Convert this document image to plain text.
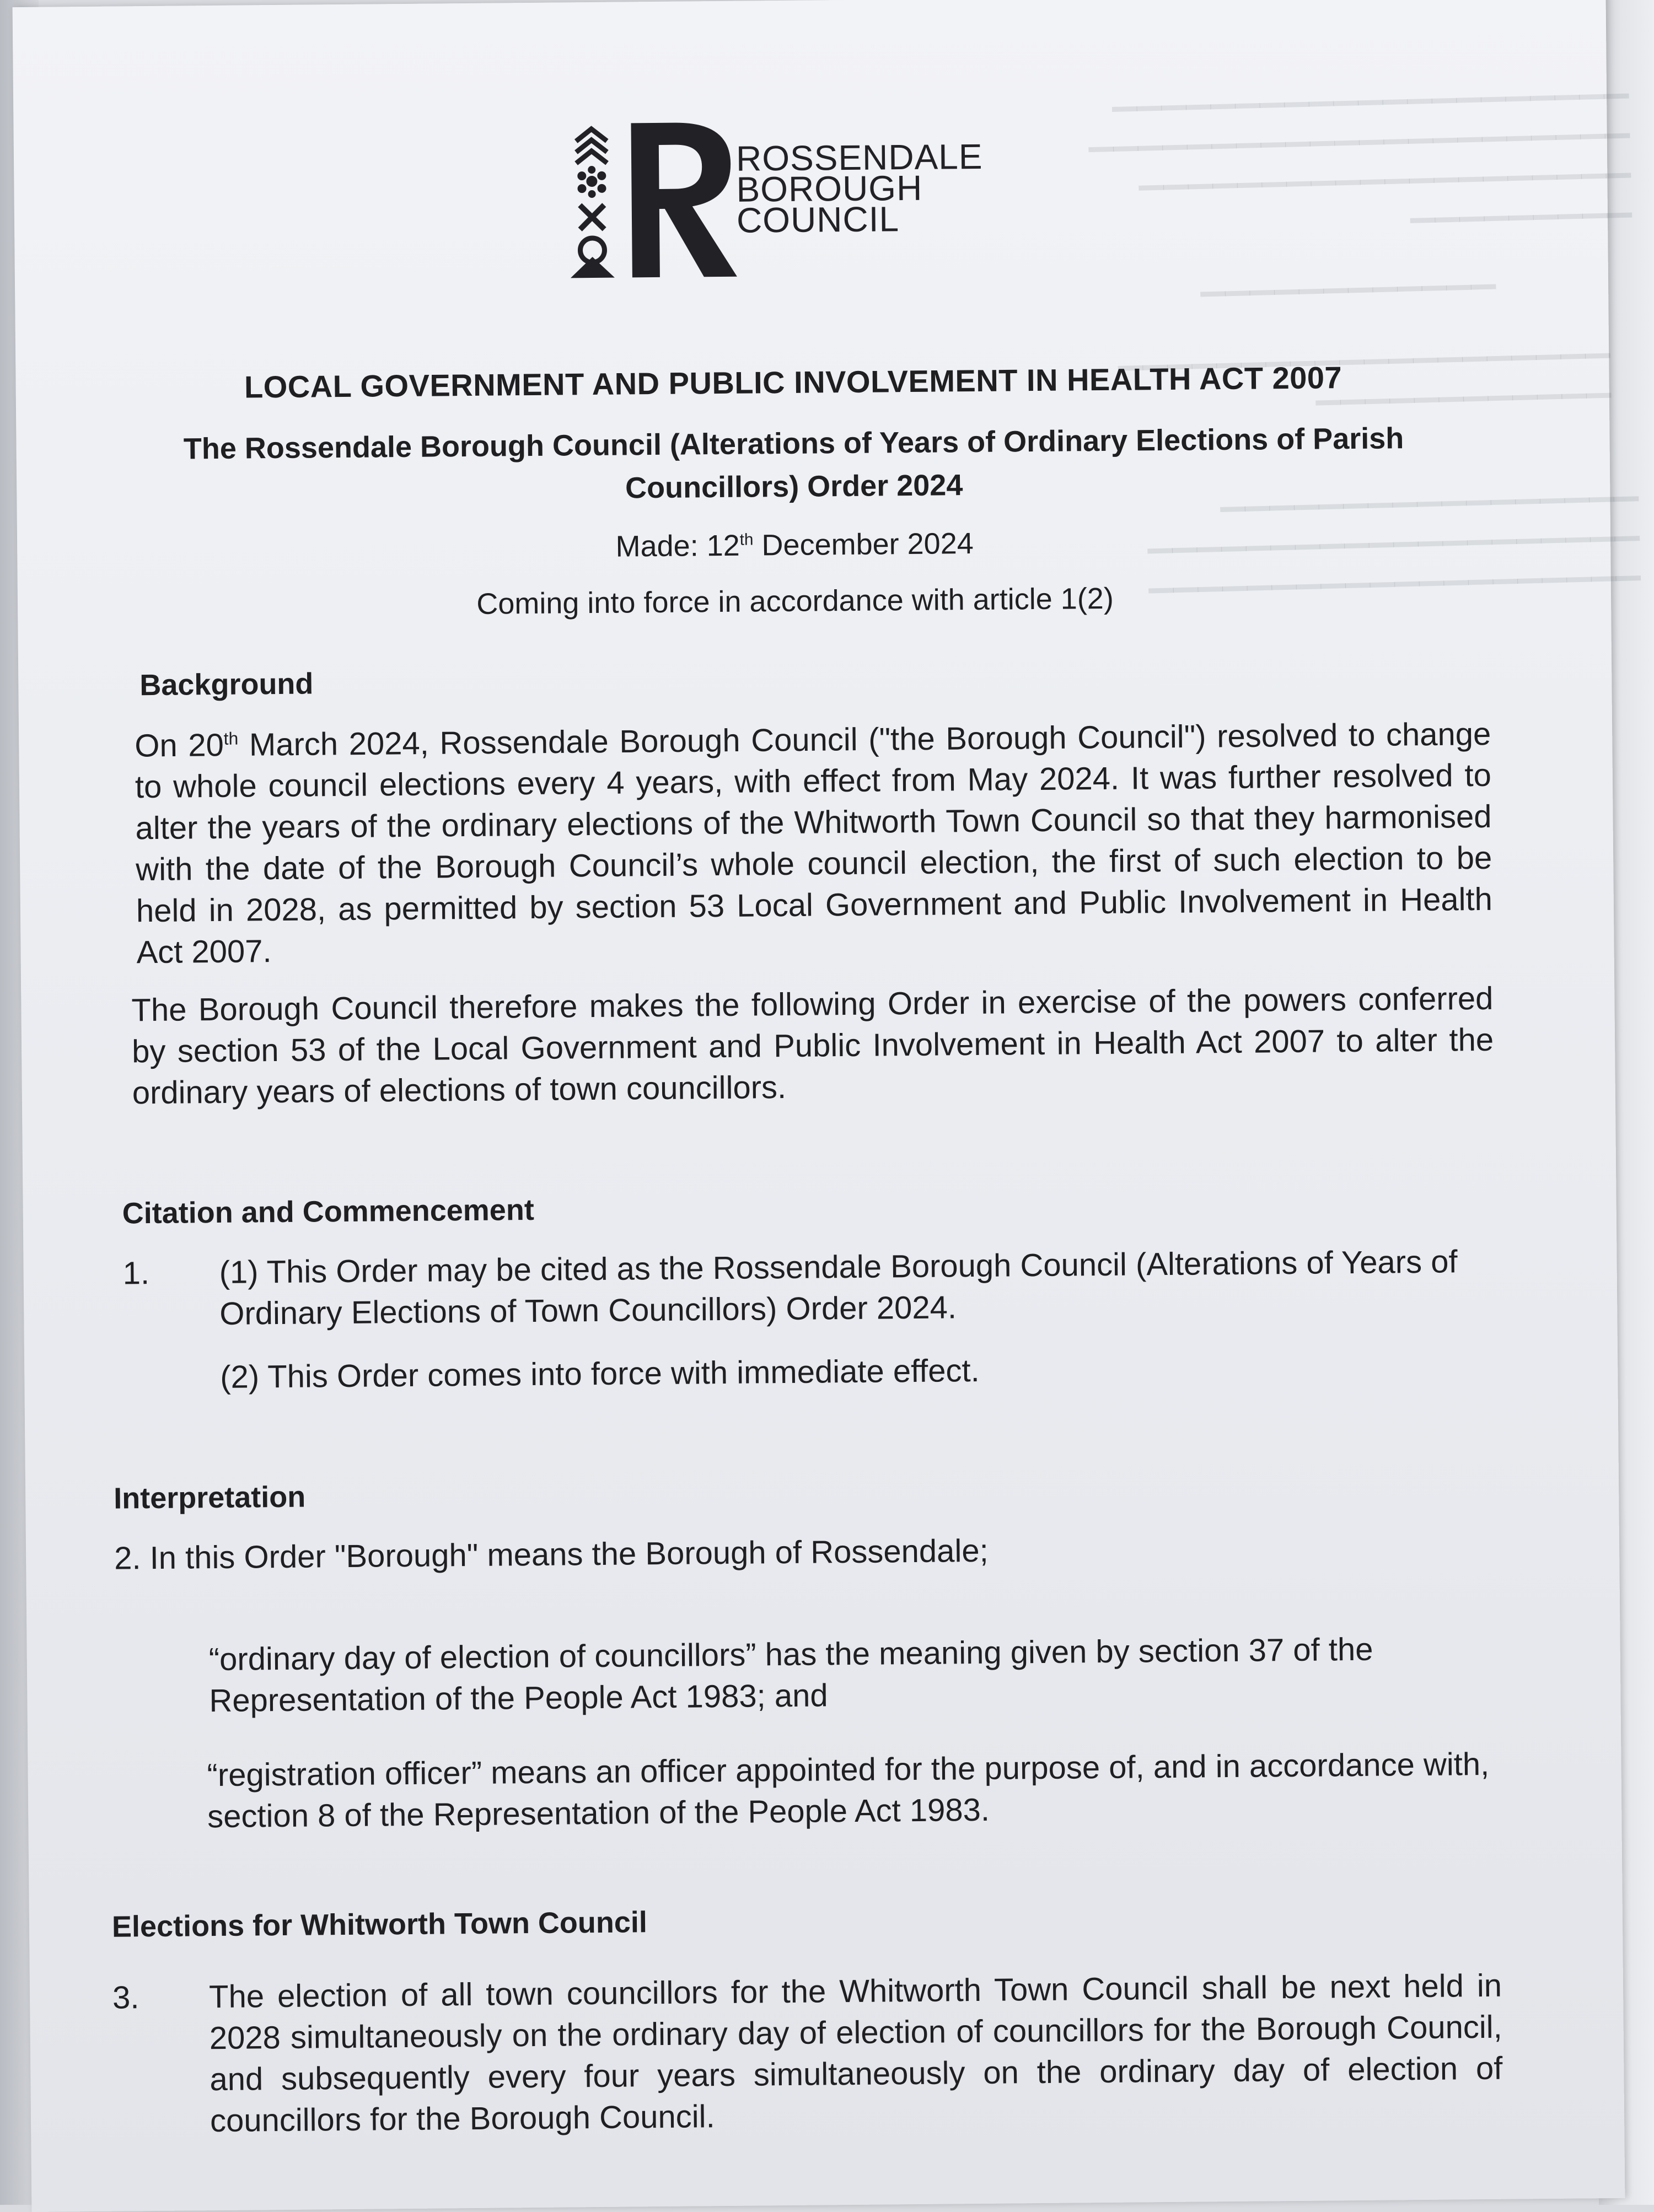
▁▁▁▁▁▁▁▁▁▁▁▁▁▁▁▁▁▁▁▁▁
▁▁▁▁▁▁▁▁▁▁▁▁▁▁▁▁▁▁▁▁▁▁
▁▁▁▁▁▁▁▁▁▁▁▁▁▁▁▁▁▁▁▁
▁▁▁▁▁▁▁▁▁
▁▁▁▁▁▁▁▁▁▁▁▁
▁▁▁▁▁▁▁▁▁▁▁▁▁▁▁▁▁▁▁▁
▁▁▁▁▁▁▁▁▁▁▁▁
▁▁▁▁▁▁▁▁▁▁▁▁▁▁▁▁▁
▁▁▁▁▁▁▁▁▁▁▁▁▁▁▁▁▁▁▁▁
▁▁▁▁▁▁▁▁▁▁▁▁▁▁▁▁▁▁▁▁
ROSSENDALE
BOROUGH
COUNCIL
LOCAL GOVERNMENT AND PUBLIC INVOLVEMENT IN HEALTH ACT 2007
The Rossendale Borough Council (Alterations of Years of Ordinary Elections of Parish Councillors) Order 2024
Made: 12th December 2024
Coming into force in accordance with article 1(2)
Background
On 20th March 2024, Rossendale Borough Council ("the Borough Council") resolved to change to whole council elections every 4 years, with effect from May 2024. It was further resolved to alter the years of the ordinary elections of the Whitworth Town Council so that they harmonised with the date of the Borough Council’s whole council election, the first of such election to be held in 2028, as permitted by section 53 Local Government and Public Involvement in Health Act 2007.
The Borough Council therefore makes the following Order in exercise of the powers conferred by section 53 of the Local Government and Public Involvement in Health Act 2007 to alter the ordinary years of elections of town councillors.
Citation and Commencement
1.	(1) This Order may be cited as the Rossendale Borough Council (Alterations of Years of Ordinary Elections of Town Councillors) Order 2024.
(2) This Order comes into force with immediate effect.
Interpretation
2. In this Order "Borough" means the Borough of Rossendale;
“ordinary day of election of councillors” has the meaning given by section 37 of the Representation of the People Act 1983; and
“registration officer” means an officer appointed for the purpose of, and in accordance with, section 8 of the Representation of the People Act 1983.
Elections for Whitworth Town Council
3.	The election of all town councillors for the Whitworth Town Council shall be next held in 2028 simultaneously on the ordinary day of election of councillors for the Borough Council, and subsequently every four years simultaneously on the ordinary day of election of councillors for the Borough Council.
